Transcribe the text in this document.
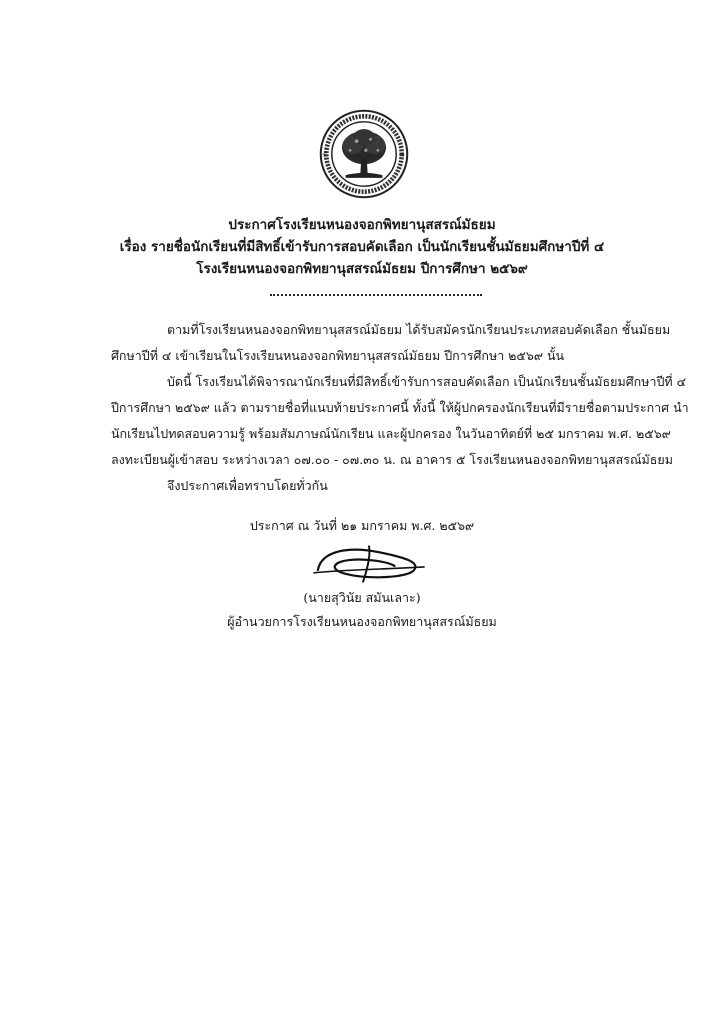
✳	✳
ประกาศโรงเรียนหนองจอกพิทยานุสสรณ์มัธยม
เรื่อง รายชื่อนักเรียนที่มีสิทธิ์เข้ารับการสอบคัดเลือก เป็นนักเรียนชั้นมัธยมศึกษาปีที่ ๔
โรงเรียนหนองจอกพิทยานุสสรณ์มัธยม ปีการศึกษา ๒๕๖๙
ตามที่โรงเรียนหนองจอกพิทยานุสสรณ์มัธยม ได้รับสมัครนักเรียนประเภทสอบคัดเลือก ชั้นมัธยม
ศึกษาปีที่ ๔ เข้าเรียนในโรงเรียนหนองจอกพิทยานุสสรณ์มัธยม ปีการศึกษา ๒๕๖๙ นั้น
บัดนี้ โรงเรียนได้พิจารณานักเรียนที่มีสิทธิ์เข้ารับการสอบคัดเลือก เป็นนักเรียนชั้นมัธยมศึกษาปีที่ ๔
ปีการศึกษา ๒๕๖๙ แล้ว ตามรายชื่อที่แนบท้ายประกาศนี้ ทั้งนี้ ให้ผู้ปกครองนักเรียนที่มีรายชื่อตามประกาศ นำ
นักเรียนไปทดสอบความรู้ พร้อมสัมภาษณ์นักเรียน และผู้ปกครอง ในวันอาทิตย์ที่ ๒๕ มกราคม พ.ศ. ๒๕๖๙
ลงทะเบียนผู้เข้าสอบ ระหว่างเวลา ๐๗.๐๐ - ๐๗.๓๐ น. ณ อาคาร ๕ โรงเรียนหนองจอกพิทยานุสสรณ์มัธยม
จึงประกาศเพื่อทราบโดยทั่วกัน
ประกาศ ณ วันที่ ๒๑ มกราคม พ.ศ. ๒๕๖๙
(นายสุวินัย สมันเลาะ)
ผู้อำนวยการโรงเรียนหนองจอกพิทยานุสสรณ์มัธยม
